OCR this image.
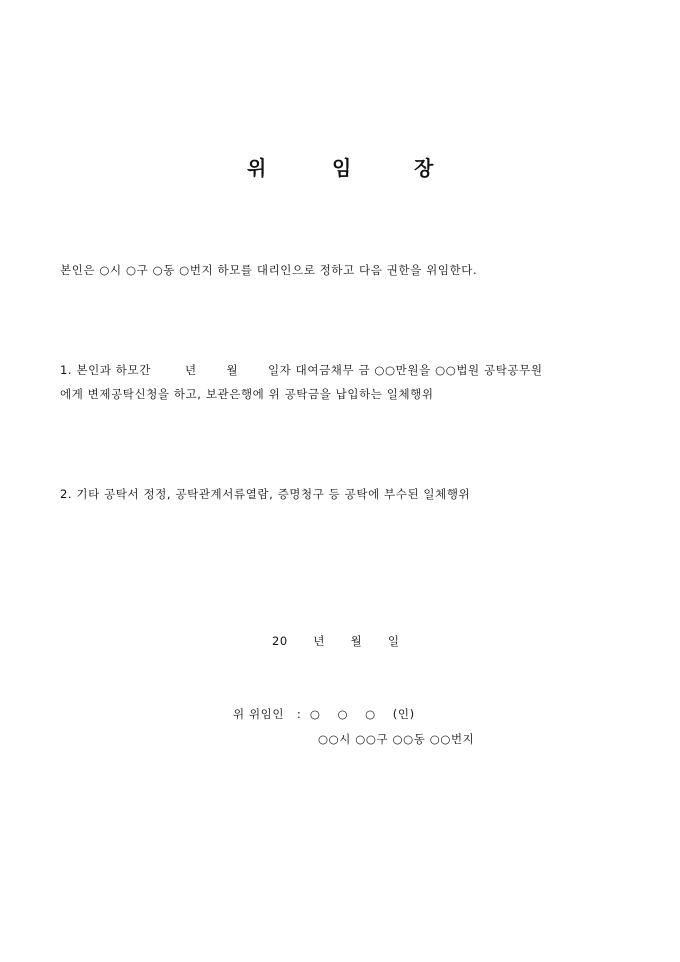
위	임	장
본인은 ○시 ○구 ○동 ○번지 하모를 대리인으로 정하고 다음 권한을 위임한다.
1. 본인과 하모간        년       월       일자 대여금채무 금 ○○만원을 ○○법원 공탁공무원
에게 변제공탁신청을 하고, 보관은행에 위 공탁금을 납입하는 일체행위
2. 기타 공탁서 정정, 공탁관계서류열람, 증명청구 등 공탁에 부수된 일체행위
20      년      월      일
위 위임인   :  ○    ○    ○    (인)
○○시 ○○구 ○○동 ○○번지
